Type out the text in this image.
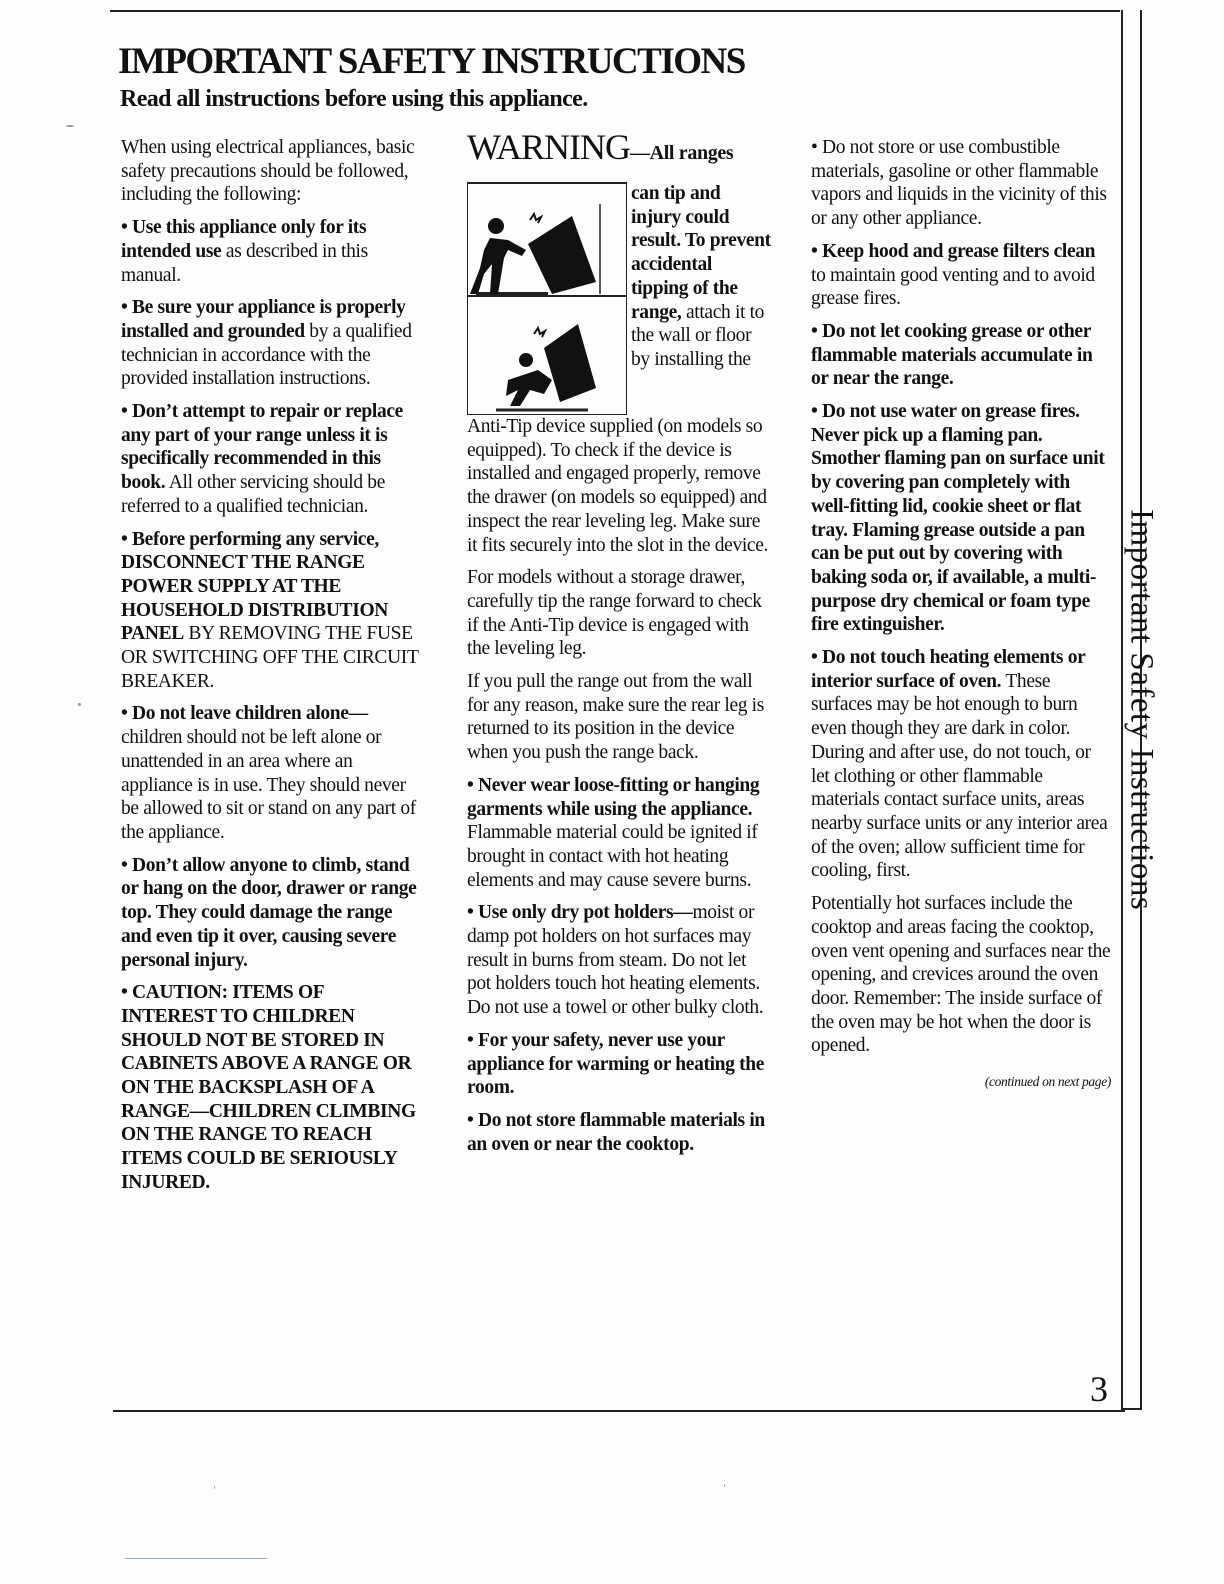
Important Safety Instructions
3
IMPORTANT SAFETY INSTRUCTIONS

Read all instructions before using this appliance.

When using electrical appliances, basic safety precautions should be followed, including the following:

• Use this appliance only for its intended use as described in this manual.

• Be sure your appliance is properly installed and grounded by a qualified technician in accordance with the provided installation instructions.

• Don’t attempt to repair or replace any part of your range unless it is specifically recommended in this book. All other servicing should be referred to a qualified technician.

• Before performing any service, DISCONNECT THE RANGE POWER SUPPLY AT THE HOUSEHOLD DISTRIBUTION PANEL BY REMOVING THE FUSE OR SWITCHING OFF THE CIRCUIT BREAKER.

• Do not leave children alone—children should not be left alone or unattended in an area where an appliance is in use. They should never be allowed to sit or stand on any part of the appliance.

• Don’t allow anyone to climb, stand or hang on the door, drawer or range top. They could damage the range and even tip it over, causing severe personal injury.

• CAUTION: ITEMS OF INTEREST TO CHILDREN SHOULD NOT BE STORED IN CABINETS ABOVE A RANGE OR ON THE BACKSPLASH OF A RANGE—CHILDREN CLIMBING ON THE RANGE TO REACH ITEMS COULD BE SERIOUSLY INJURED.

WARNING—All ranges

can tip and injury could result. To prevent accidental tipping of the range, attach it to the wall or floor by installing the

Anti-Tip device supplied (on models so equipped). To check if the device is installed and engaged properly, remove the drawer (on models so equipped) and inspect the rear leveling leg. Make sure it fits securely into the slot in the device.

For models without a storage drawer, carefully tip the range forward to check if the Anti-Tip device is engaged with the leveling leg.

If you pull the range out from the wall for any reason, make sure the rear leg is returned to its position in the device when you push the range back.

• Never wear loose-fitting or hanging garments while using the appliance. Flammable material could be ignited if brought in contact with hot heating elements and may cause severe burns.

• Use only dry pot holders—moist or damp pot holders on hot surfaces may result in burns from steam. Do not let pot holders touch hot heating elements. Do not use a towel or other bulky cloth.

• For your safety, never use your appliance for warming or heating the room.

• Do not store flammable materials in an oven or near the cooktop.

• Do not store or use combustible materials, gasoline or other flammable vapors and liquids in the vicinity of this or any other appliance.

• Keep hood and grease filters clean to maintain good venting and to avoid grease fires.

• Do not let cooking grease or other flammable materials accumulate in or near the range.

• Do not use water on grease fires. Never pick up a flaming pan. Smother flaming pan on surface unit by covering pan completely with well-fitting lid, cookie sheet or flat tray. Flaming grease outside a pan can be put out by covering with baking soda or, if available, a multi-purpose dry chemical or foam type fire extinguisher.

• Do not touch heating elements or interior surface of oven. These surfaces may be hot enough to burn even though they are dark in color. During and after use, do not touch, or let clothing or other flammable materials contact surface units, areas nearby surface units or any interior area of the oven; allow sufficient time for cooling, first.

Potentially hot surfaces include the cooktop and areas facing the cooktop, oven vent opening and surfaces near the opening, and crevices around the oven door. Remember: The inside surface of the oven may be hot when the door is opened.

(continued on next page)
